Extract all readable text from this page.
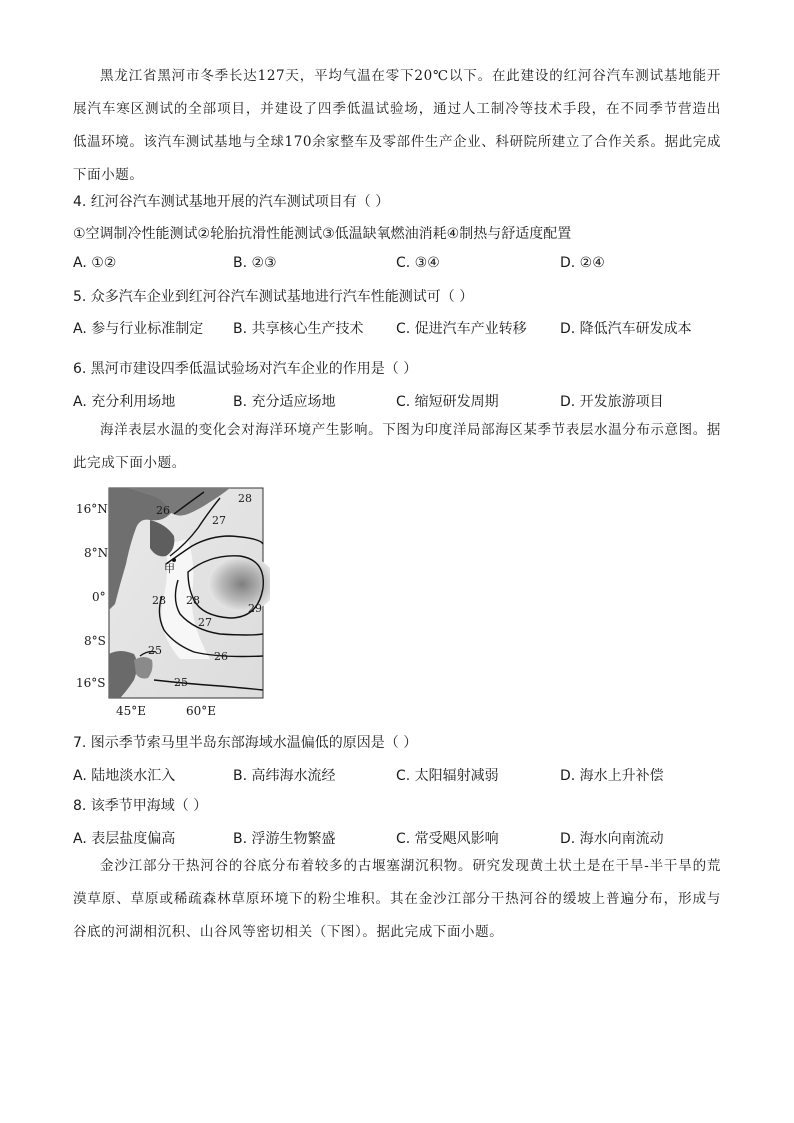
黑龙江省黑河市冬季长达127天，平均气温在零下20℃以下。在此建设的红河谷汽车测试基地能开展汽车寒区测试的全部项目，并建设了四季低温试验场，通过人工制冷等技术手段，在不同季节营造出低温环境。该汽车测试基地与全球170余家整车及零部件生产企业、科研院所建立了合作关系。据此完成下面小题。
4. 红河谷汽车测试基地开展的汽车测试项目有（ ）
①空调制冷性能测试②轮胎抗滑性能测试③低温缺氧燃油消耗④制热与舒适度配置
A. ①②	B. ②③	C. ③④	D. ②④
5. 众多汽车企业到红河谷汽车测试基地进行汽车性能测试可（ ）
A. 参与行业标准制定 B. 共享核心生产技术 C. 促进汽车产业转移 D. 降低汽车研发成本
6. 黑河市建设四季低温试验场对汽车企业的作用是（ ）
A. 充分利用场地	B. 充分适应场地	C. 缩短研发周期	D. 开发旅游项目
海洋表层水温的变化会对海洋环境产生影响。下图为印度洋局部海区某季节表层水温分布示意图。据此完成下面小题。
16°N
8°N
0°
8°S
16°S
45°E	60°E
26
27
28
28
29
27
26
25
25
28
甲
7. 图示季节索马里半岛东部海域水温偏低的原因是（ ）
A. 陆地淡水汇入	B. 高纬海水流经	C. 太阳辐射减弱	D. 海水上升补偿
8. 该季节甲海域（ ）
A. 表层盐度偏高	B. 浮游生物繁盛	C. 常受飓风影响	D. 海水向南流动
金沙江部分干热河谷的谷底分布着较多的古堰塞湖沉积物。研究发现黄土状土是在干旱-半干旱的荒漠草原、草原或稀疏森林草原环境下的粉尘堆积。其在金沙江部分干热河谷的缓坡上普遍分布，形成与谷底的河湖相沉积、山谷风等密切相关（下图）。据此完成下面小题。
